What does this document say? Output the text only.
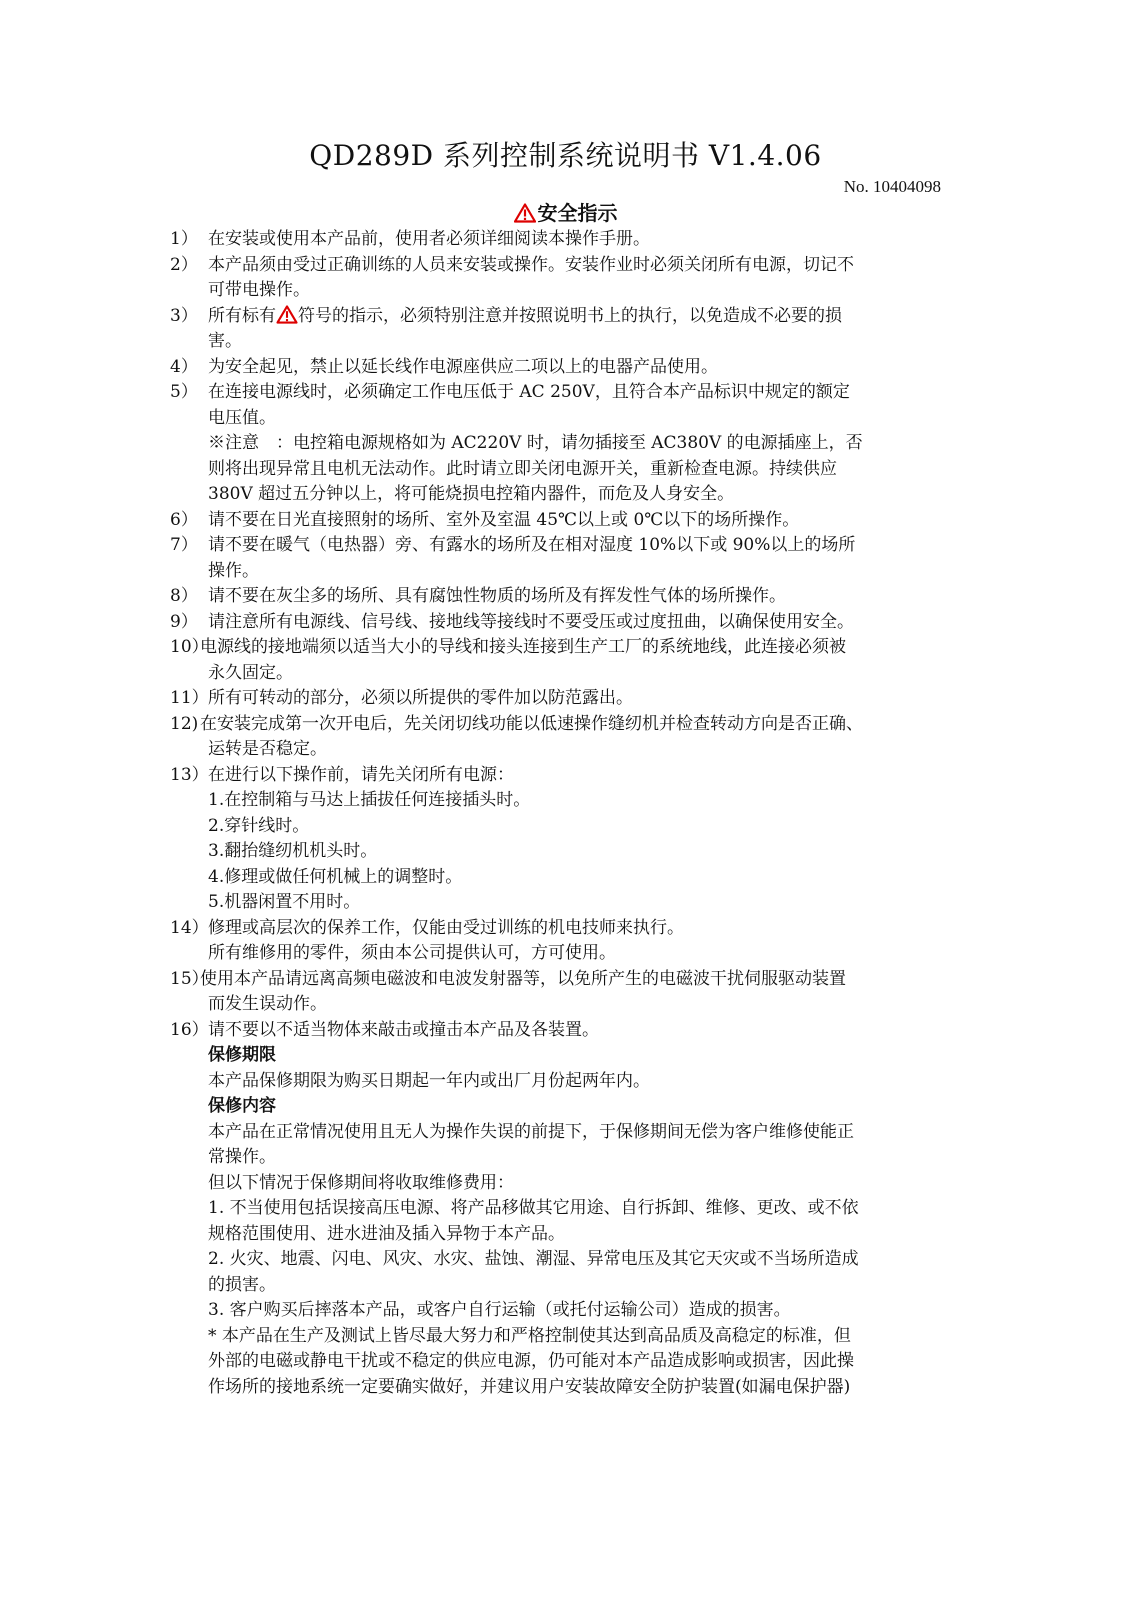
QD289D 系列控制系统说明书 V1.4.06
No. 10404098
安全指示
1） 在安装或使用本产品前，使用者必须详细阅读本操作手册。
2） 本产品须由受过正确训练的人员来安装或操作。安装作业时必须关闭所有电源，切记不
可带电操作。
3） 所有标有 符号的指示，必须特别注意并按照说明书上的执行，以免造成不必要的损
害。
4） 为安全起见，禁止以延长线作电源座供应二项以上的电器产品使用。
5） 在连接电源线时，必须确定工作电压低于 AC 250V，且符合本产品标识中规定的额定
电压值。
※注意　：电控箱电源规格如为 AC220V 时，请勿插接至 AC380V 的电源插座上，否
则将出现异常且电机无法动作。此时请立即关闭电源开关，重新检查电源。持续供应
380V 超过五分钟以上，将可能烧损电控箱内器件，而危及人身安全。
6） 请不要在日光直接照射的场所、室外及室温 45℃以上或 0℃以下的场所操作。
7） 请不要在暖气（电热器）旁、有露水的场所及在相对湿度 10%以下或 90%以上的场所
操作。
8） 请不要在灰尘多的场所、具有腐蚀性物质的场所及有挥发性气体的场所操作。
9） 请注意所有电源线、信号线、接地线等接线时不要受压或过度扭曲，以确保使用安全。
10）
电源线的接地端须以适当大小的导线和接头连接到生产工厂的系统地线，此连接必须被
永久固定。
11） 所有可转动的部分，必须以所提供的零件加以防范露出。
12) 在安装完成第一次开电后，先关闭切线功能以低速操作缝纫机并检查转动方向是否正确、
运转是否稳定。
13） 在进行以下操作前，请先关闭所有电源：
1.在控制箱与马达上插拔任何连接插头时。
2.穿针线时。
3.翻抬缝纫机机头时。
4.修理或做任何机械上的调整时。
5.机器闲置不用时。
14） 修理或高层次的保养工作，仅能由受过训练的机电技师来执行。
所有维修用的零件，须由本公司提供认可，方可使用。
15）
使用本产品请远离高频电磁波和电波发射器等，以免所产生的电磁波干扰伺服驱动装置
而发生误动作。
16） 请不要以不适当物体来敲击或撞击本产品及各装置。
保修期限
本产品保修期限为购买日期起一年内或出厂月份起两年内。
保修内容
本产品在正常情况使用且无人为操作失误的前提下，于保修期间无偿为客户维修使能正
常操作。
但以下情况于保修期间将收取维修费用：
1. 不当使用包括误接高压电源、将产品移做其它用途、自行拆卸、维修、更改、或不依
规格范围使用、进水进油及插入异物于本产品。
2. 火灾、地震、闪电、风灾、水灾、盐蚀、潮湿、异常电压及其它天灾或不当场所造成
的损害。
3. 客户购买后摔落本产品，或客户自行运输（或托付运输公司）造成的损害。
* 本产品在生产及测试上皆尽最大努力和严格控制使其达到高品质及高稳定的标准，但
外部的电磁或静电干扰或不稳定的供应电源，仍可能对本产品造成影响或损害，因此操
作场所的接地系统一定要确实做好，并建议用户安装故障安全防护装置(如漏电保护器)
